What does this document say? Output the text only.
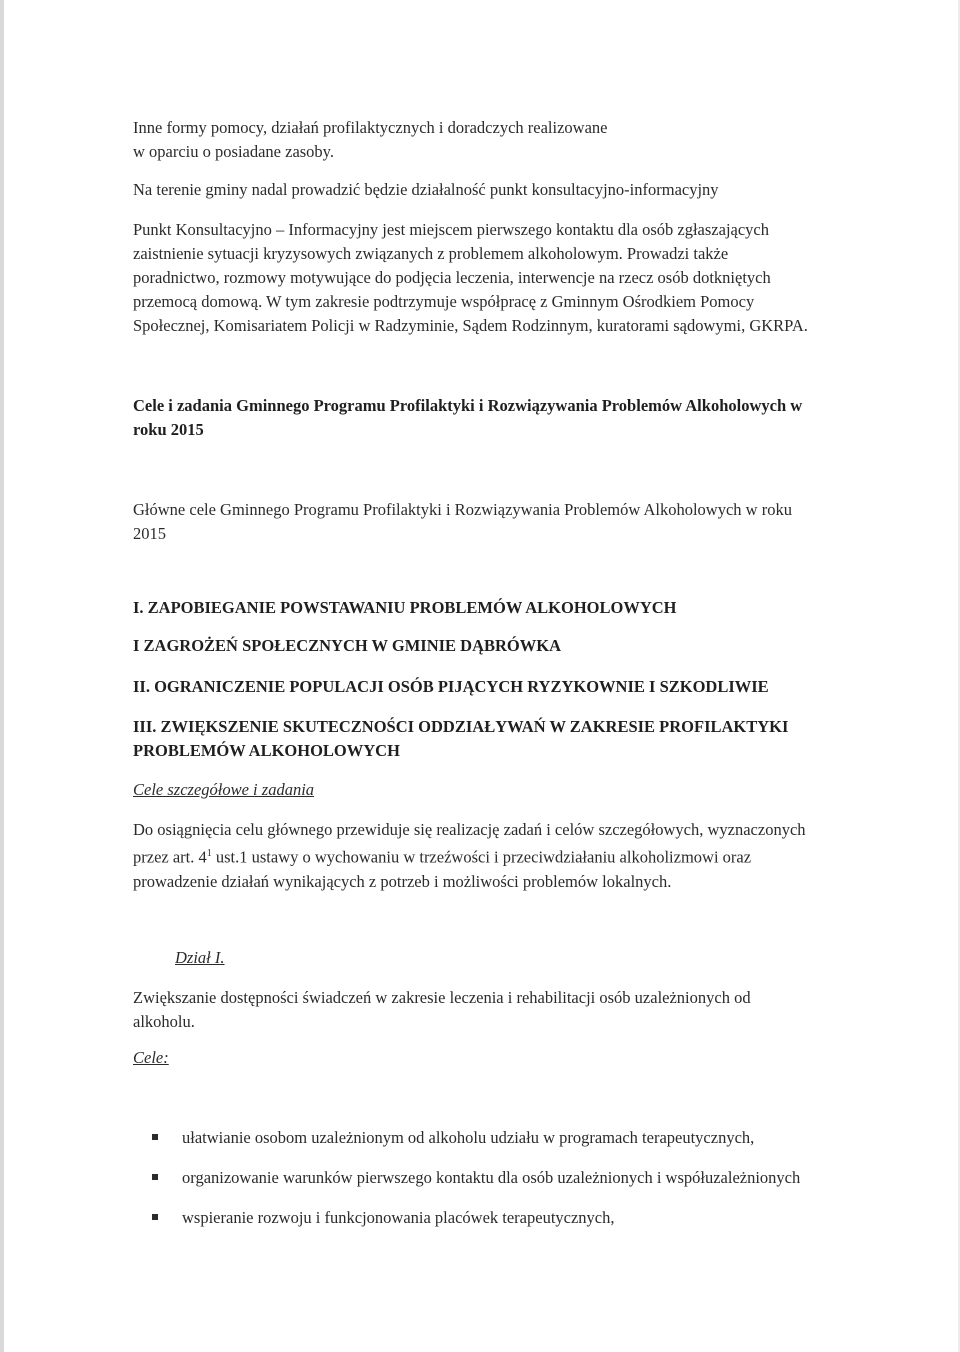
Inne formy pomocy, działań profilaktycznych i doradczych realizowane
w oparciu o posiadane zasoby.

Na terenie gminy nadal prowadzić będzie działalność punkt konsultacyjno-informacyjny

Punkt Konsultacyjno – Informacyjny jest miejscem pierwszego kontaktu dla osób zgłaszających
zaistnienie sytuacji kryzysowych związanych z problemem alkoholowym. Prowadzi także
poradnictwo, rozmowy motywujące do podjęcia leczenia, interwencje na rzecz osób dotkniętych
przemocą domową. W tym zakresie podtrzymuje współpracę z Gminnym Ośrodkiem Pomocy
Społecznej, Komisariatem Policji w Radzyminie, Sądem Rodzinnym, kuratorami sądowymi, GKRPA.

Cele i zadania Gminnego Programu Profilaktyki i Rozwiązywania Problemów Alkoholowych w
roku 2015

Główne cele Gminnego Programu Profilaktyki i Rozwiązywania Problemów Alkoholowych w roku
2015

I. ZAPOBIEGANIE POWSTAWANIU PROBLEMÓW ALKOHOLOWYCH

I ZAGROŻEŃ SPOŁECZNYCH W GMINIE DĄBRÓWKA

II. OGRANICZENIE POPULACJI OSÓB PIJĄCYCH RYZYKOWNIE I SZKODLIWIE

III. ZWIĘKSZENIE SKUTECZNOŚCI ODDZIAŁYWAŃ W ZAKRESIE PROFILAKTYKI
PROBLEMÓW ALKOHOLOWYCH

Cele szczegółowe i zadania

Do osiągnięcia celu głównego przewiduje się realizację zadań i celów szczegółowych, wyznaczonych
przez art. $4^1$ ust.1 ustawy o wychowaniu w trzeźwości i przeciwdziałaniu alkoholizmowi oraz
prowadzenie działań wynikających z potrzeb i możliwości problemów lokalnych.

Dział I.

Zwiększanie dostępności świadczeń w zakresie leczenia i rehabilitacji osób uzależnionych od
alkoholu.

Cele:

ułatwianie osobom uzależnionym od alkoholu udziału w programach terapeutycznych,

organizowanie warunków pierwszego kontaktu dla osób uzależnionych i współuzależnionych

wspieranie rozwoju i funkcjonowania placówek terapeutycznych,
